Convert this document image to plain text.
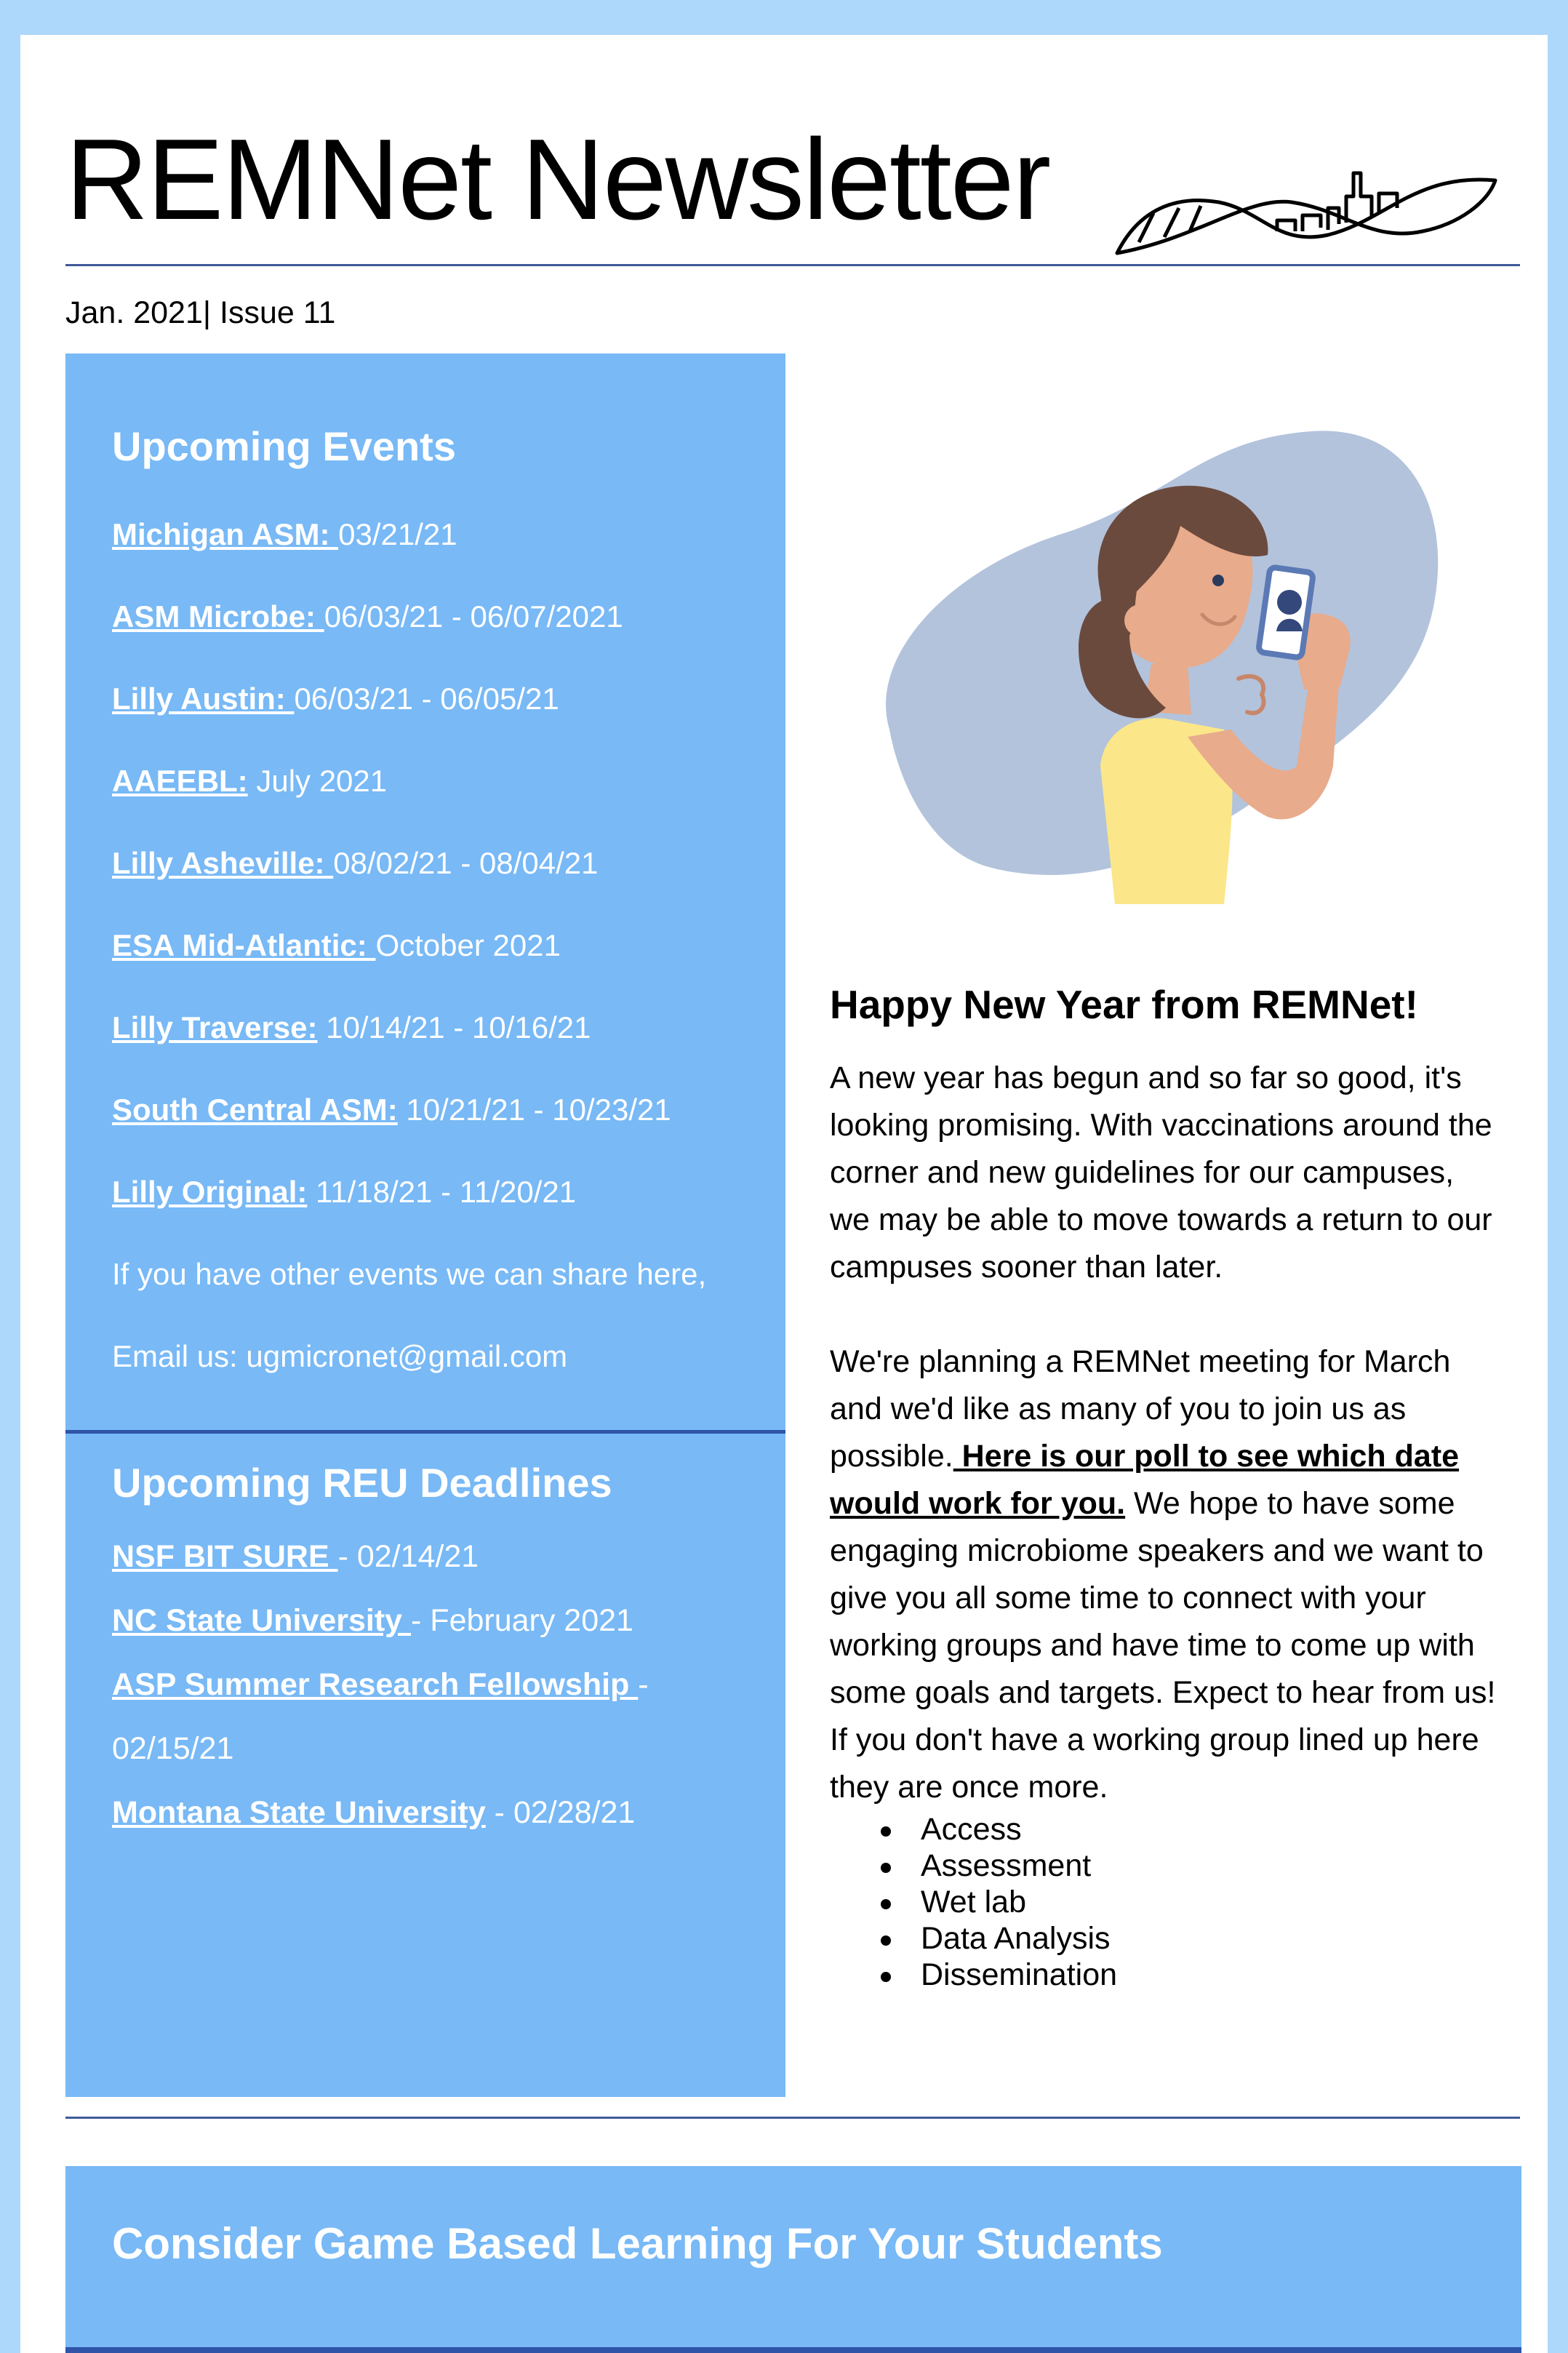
REMNet Newsletter
Jan. 2021| Issue 11
Upcoming Events
Michigan ASM: 03/21/21
ASM Microbe: 06/03/21 - 06/07/2021
Lilly Austin: 06/03/21 - 06/05/21
AAEEBL: July 2021
Lilly Asheville: 08/02/21 - 08/04/21
ESA Mid-Atlantic: October 2021
Lilly Traverse: 10/14/21 - 10/16/21
South Central ASM: 10/21/21 - 10/23/21
Lilly Original: 11/18/21 - 11/20/21
If you have other events we can share here,
Email us: ugmicronet@gmail.com
Upcoming REU Deadlines
NSF BIT SURE - 02/14/21
NC State University - February 2021
ASP Summer Research Fellowship -
02/15/21
Montana State University - 02/28/21
Happy New Year from REMNet!

A new year has begun and so far so good, it's looking promising. With vaccinations around the corner and new guidelines for our campuses, we may be able to move towards a return to our campuses sooner than later.

We're planning a REMNet meeting for March and we'd like as many of you to join us as possible. Here is our poll to see which date would work for you. We hope to have some engaging microbiome speakers and we want to give you all some time to connect with your working groups and have time to come up with some goals and targets. Expect to hear from us! If you don't have a working group lined up here they are once more.

Access
Assessment
Wet lab
Data Analysis
Dissemination
Consider Game Based Learning For Your Students
